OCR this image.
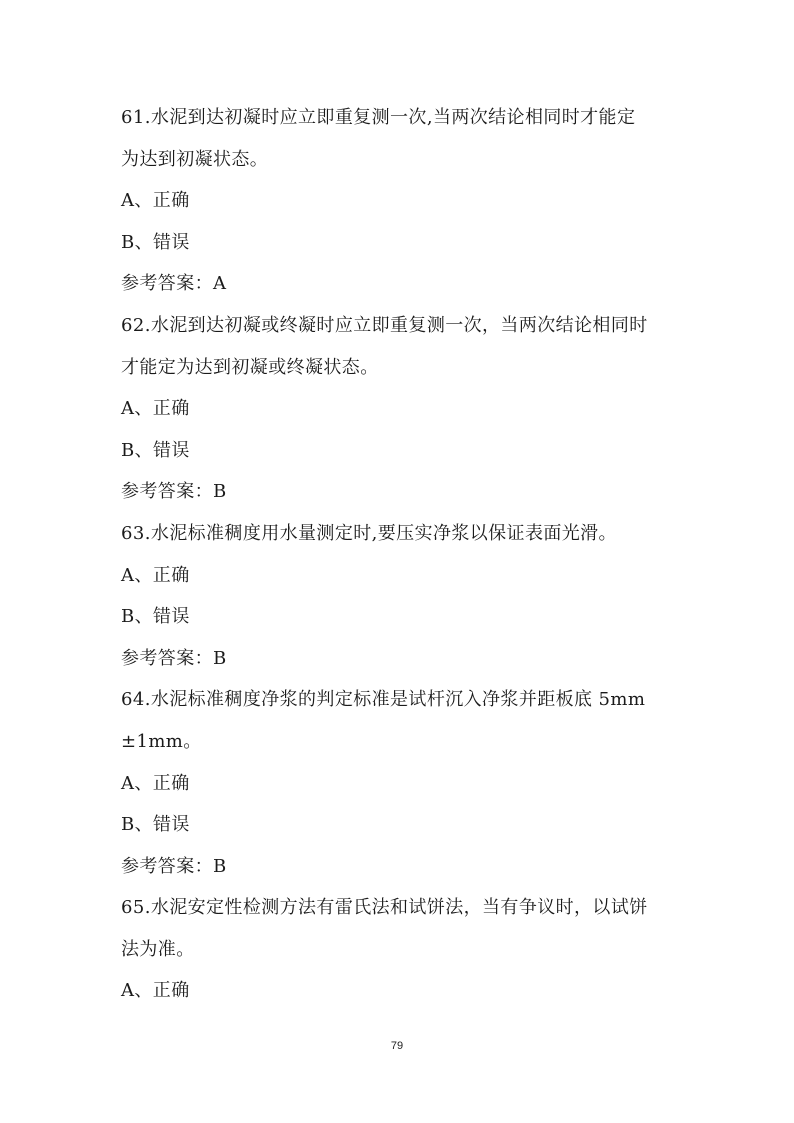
61.水泥到达初凝时应立即重复测一次,当两次结论相同时才能定
为达到初凝状态。
A、正确
B、错误
参考答案：A
62.水泥到达初凝或终凝时应立即重复测一次，当两次结论相同时
才能定为达到初凝或终凝状态。
A、正确
B、错误
参考答案：B
63.水泥标准稠度用水量测定时,要压实净浆以保证表面光滑。
A、正确
B、错误
参考答案：B
64.水泥标准稠度净浆的判定标准是试杆沉入净浆并距板底 5mm
±1mm。
A、正确
B、错误
参考答案：B
65.水泥安定性检测方法有雷氏法和试饼法，当有争议时，以试饼
法为准。
A、正确
79
